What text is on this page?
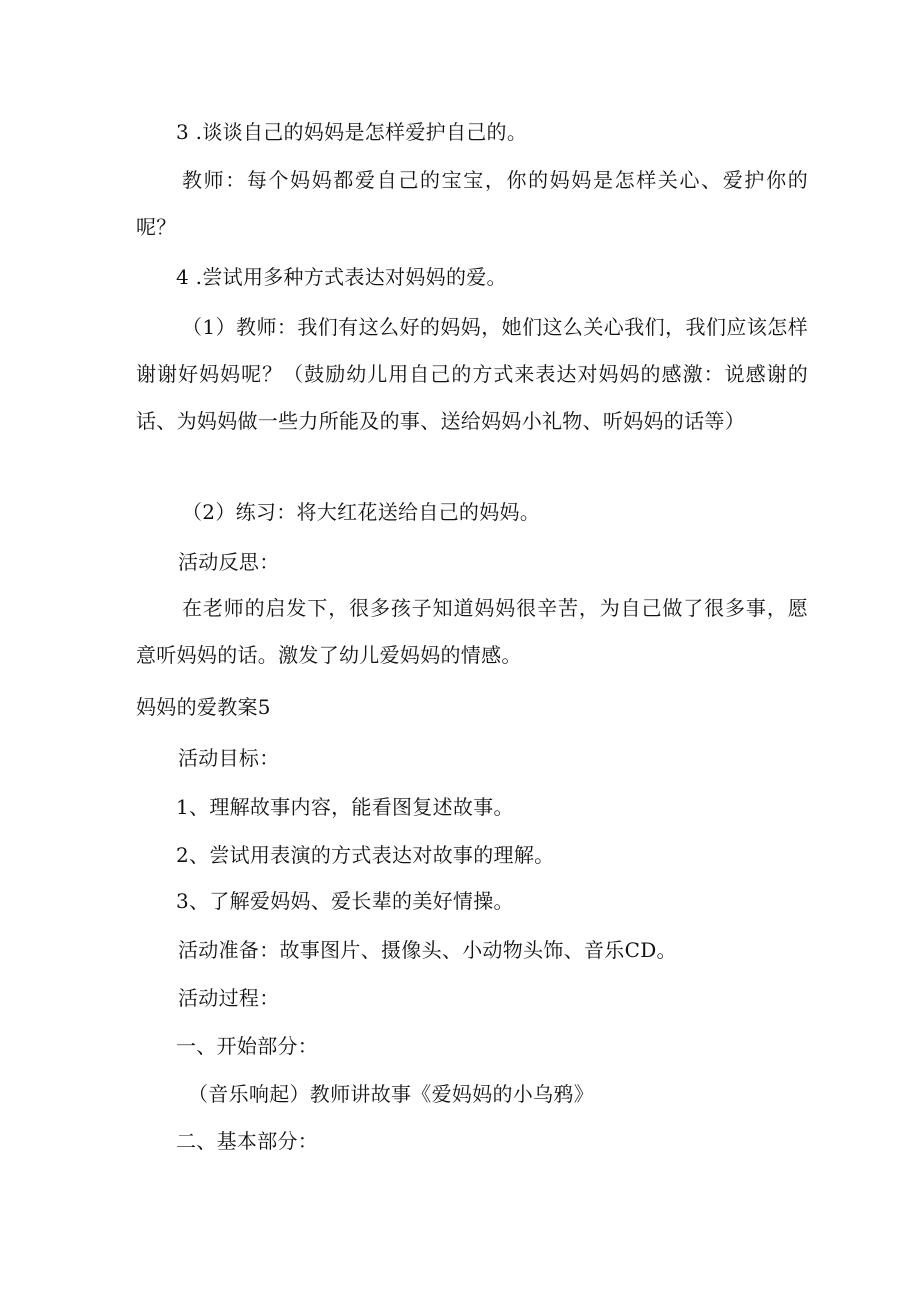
3 .谈谈自己的妈妈是怎样爱护自己的。
教师：每个妈妈都爱自己的宝宝，你的妈妈是怎样关心、爱护你的呢？
4 .尝试用多种方式表达对妈妈的爱。
（1）教师：我们有这么好的妈妈，她们这么关心我们，我们应该怎样谢谢好妈妈呢？（鼓励幼儿用自己的方式来表达对妈妈的感激：说感谢的话、为妈妈做一些力所能及的事、送给妈妈小礼物、听妈妈的话等）
（2）练习：将大红花送给自己的妈妈。
活动反思：
在老师的启发下，很多孩子知道妈妈很辛苦，为自己做了很多事，愿意听妈妈的话。激发了幼儿爱妈妈的情感。
妈妈的爱教案5
活动目标：
1、理解故事内容，能看图复述故事。
2、尝试用表演的方式表达对故事的理解。
3、了解爱妈妈、爱长辈的美好情操。
活动准备：故事图片、摄像头、小动物头饰、音乐CD。
活动过程：
一、开始部分：
（音乐响起）教师讲故事《爱妈妈的小乌鸦》
二、基本部分：
